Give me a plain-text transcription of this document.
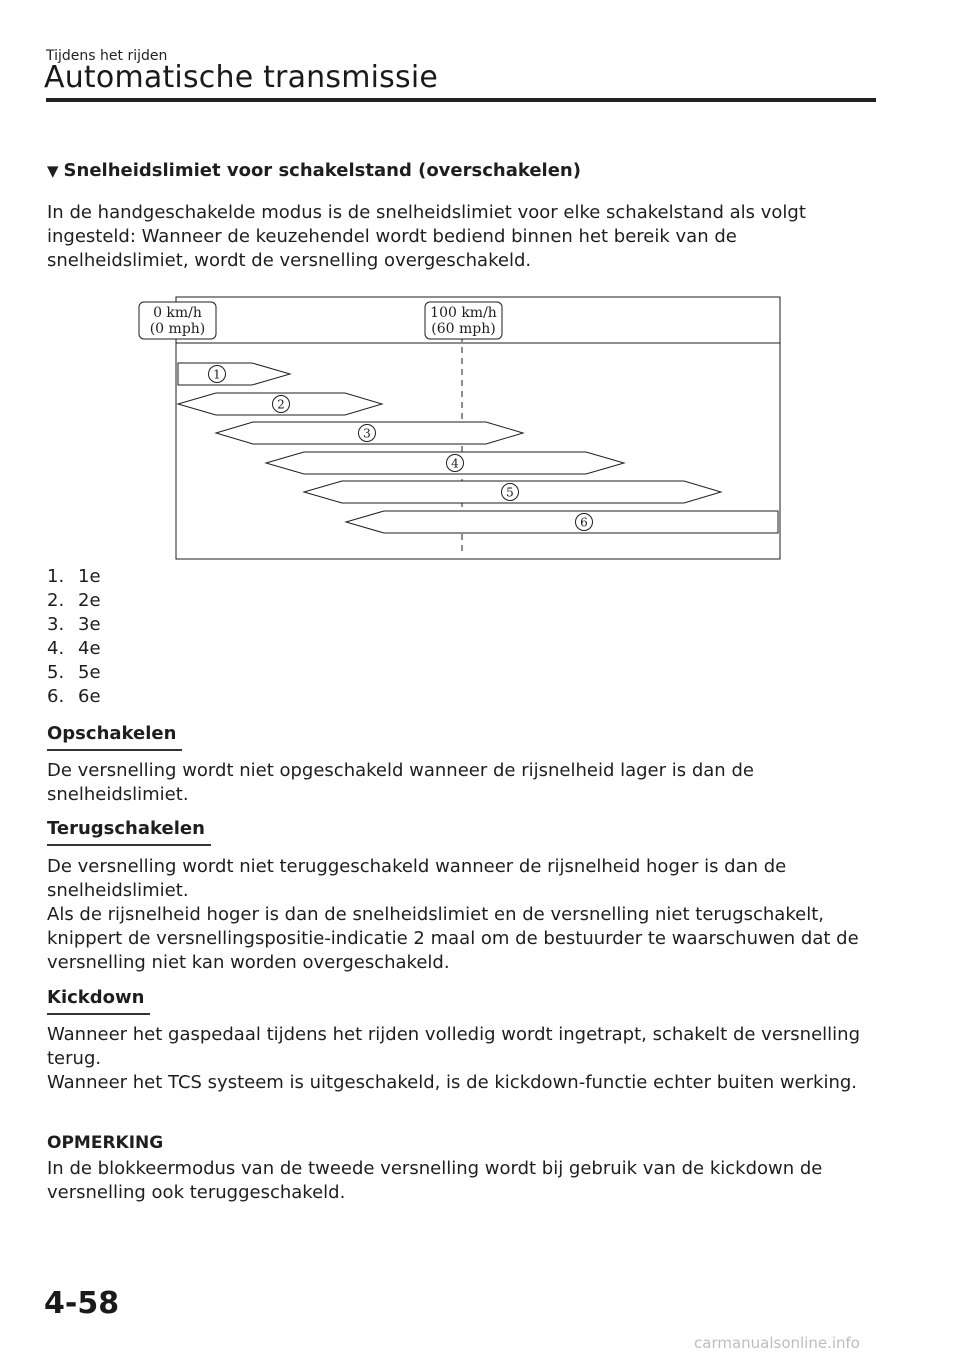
Tijdens het rijden
Automatische transmissie
▼ Snelheidslimiet voor schakelstand (overschakelen)
In de handgeschakelde modus is de snelheidslimiet voor elke schakelstand als volgt ingesteld: Wanneer de keuzehendel wordt bediend binnen het bereik van de snelheidslimiet, wordt de versnelling overgeschakeld.
0 km/h
(0 mph)
100 km/h
(60 mph)
1
2
3
4
5
6
1. 1e
2. 2e
3. 3e
4. 4e
5. 5e
6. 6e
Opschakelen
De versnelling wordt niet opgeschakeld wanneer de rijsnelheid lager is dan de snelheidslimiet.
Terugschakelen
De versnelling wordt niet teruggeschakeld wanneer de rijsnelheid hoger is dan de snelheidslimiet.
Als de rijsnelheid hoger is dan de snelheidslimiet en de versnelling niet terugschakelt, knippert de versnellingspositie-indicatie 2 maal om de bestuurder te waarschuwen dat de versnelling niet kan worden overgeschakeld.
Kickdown
Wanneer het gaspedaal tijdens het rijden volledig wordt ingetrapt, schakelt de versnelling terug.
Wanneer het TCS systeem is uitgeschakeld, is de kickdown-functie echter buiten werking.
OPMERKING
In de blokkeermodus van de tweede versnelling wordt bij gebruik van de kickdown de versnelling ook teruggeschakeld.
4-58
carmanualsonline.info
